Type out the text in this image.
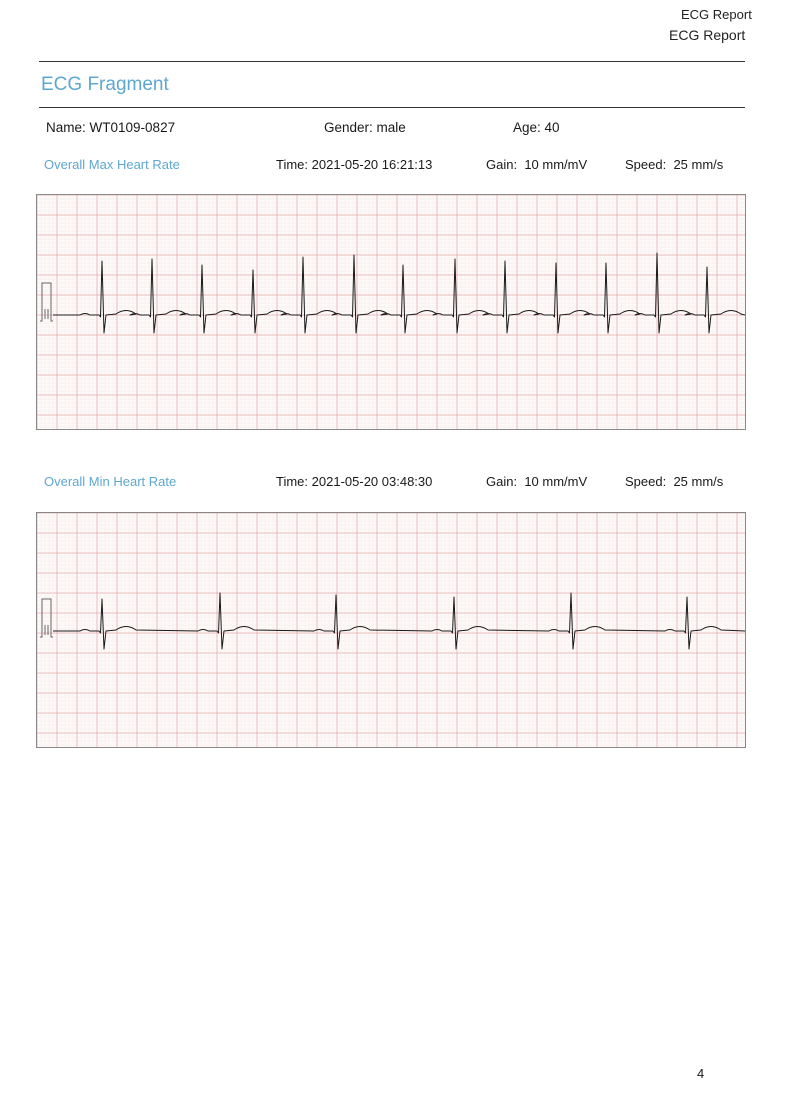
ECG Report
ECG Report
ECG Fragment
Name: WT0109-0827	Gender: male	Age: 40
Overall Max Heart Rate	Time: 2021-05-20 16:21:13	Gain: 10 mm/mV	Speed: 25 mm/s
Overall Min Heart Rate	Time: 2021-05-20 03:48:30	Gain: 10 mm/mV	Speed: 25 mm/s
4
